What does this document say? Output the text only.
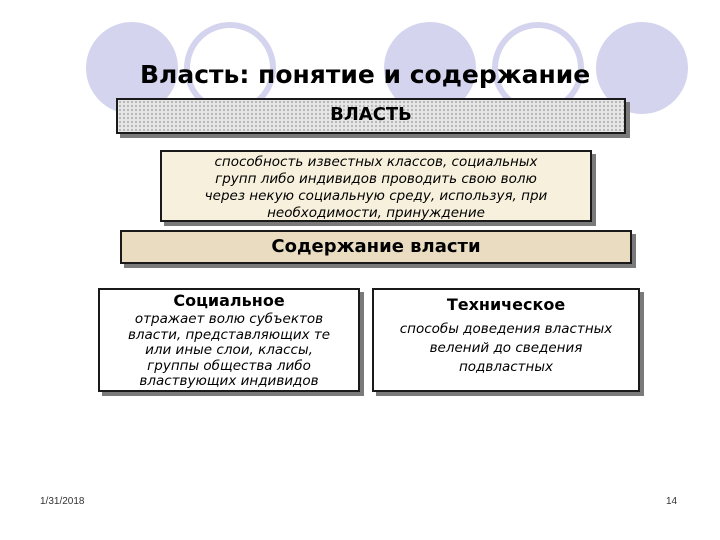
Власть: понятие и содержание
ВЛАСТЬ
способность известных классов, социальных
групп либо индивидов проводить свою волю
через некую социальную среду, используя, при
необходимости, принуждение
Содержание власти
Социальное
отражает волю субъектов
власти, представляющих те
или иные слои, классы,
группы общества либо
властвующих индивидов
Техническое
способы доведения властных
велений до сведения
подвластных
1/31/2018	14
